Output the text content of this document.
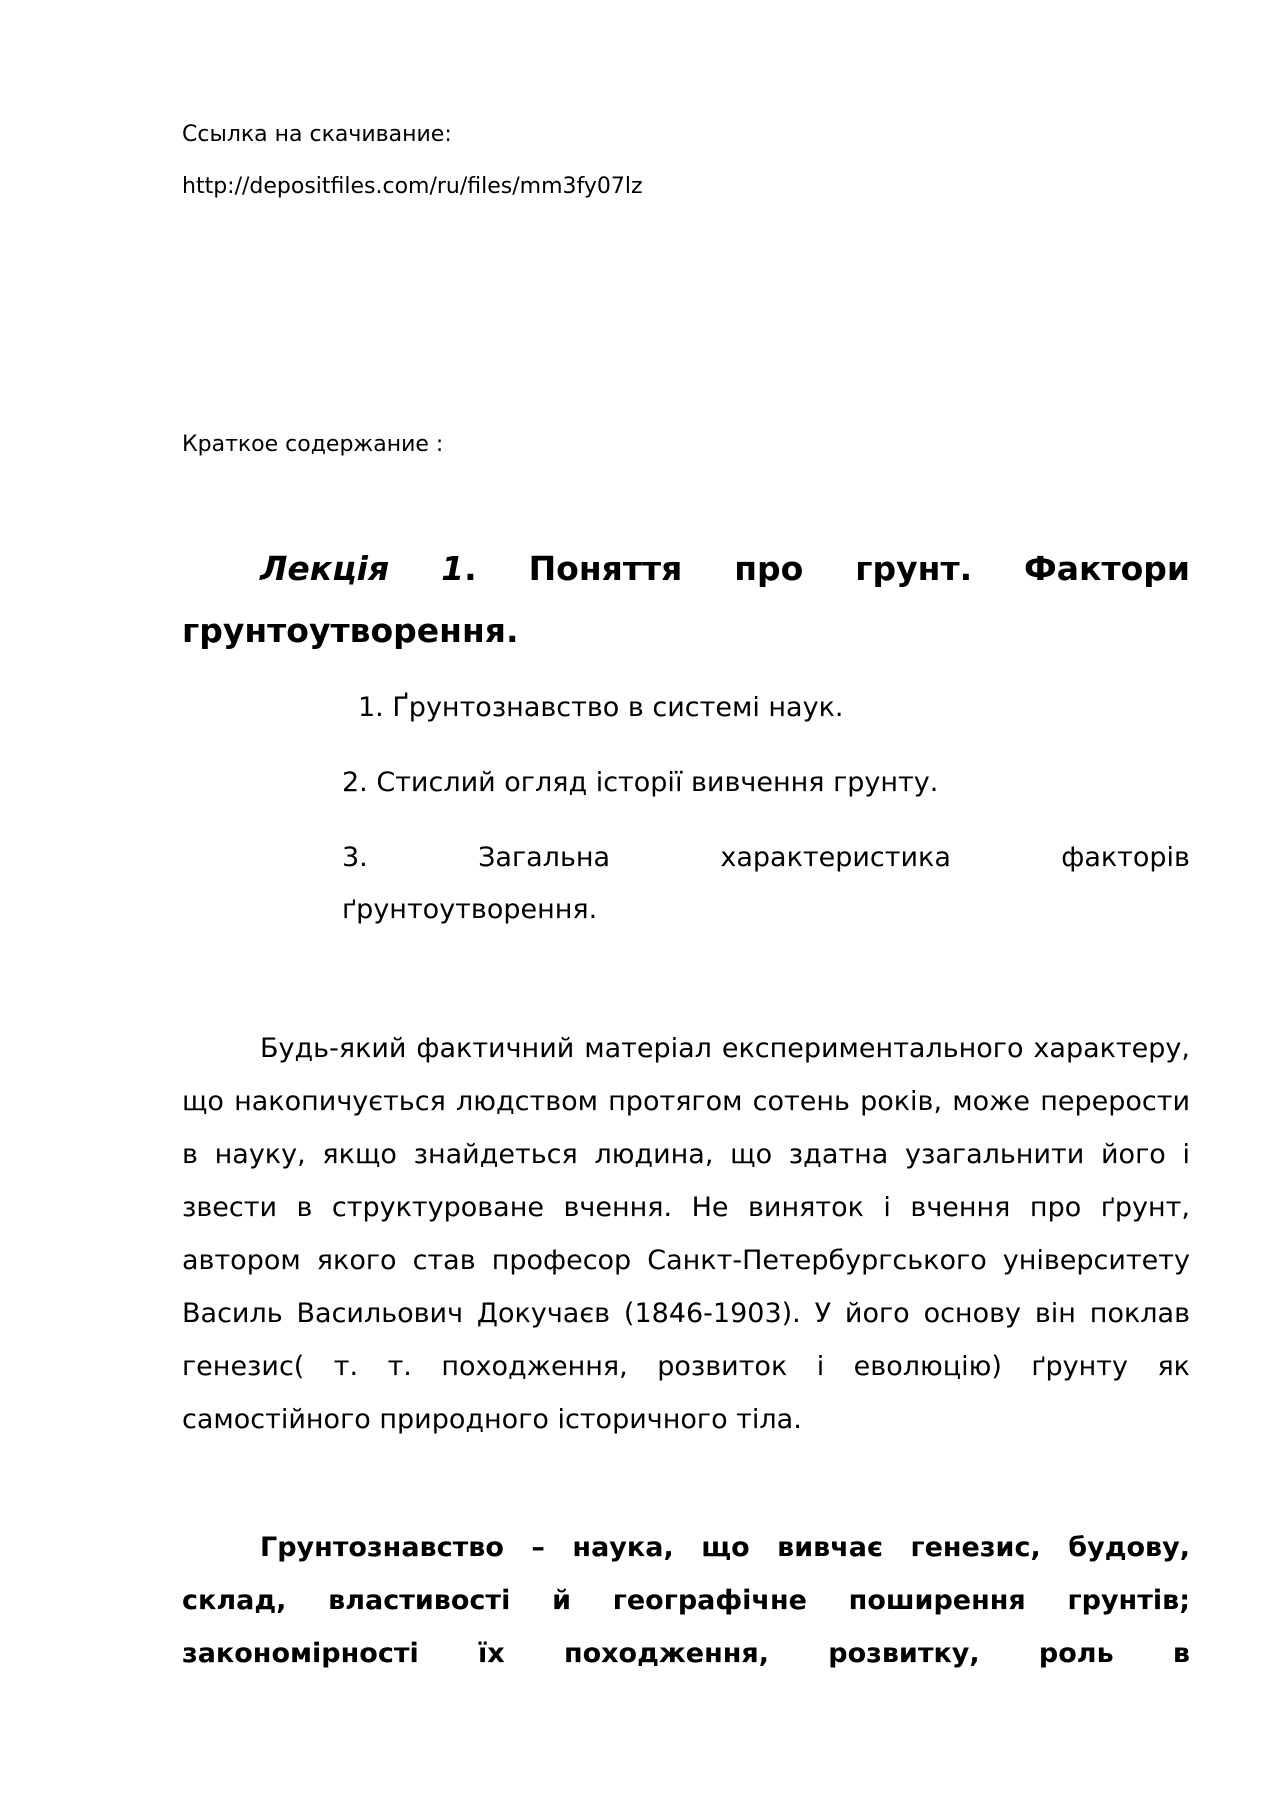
Ссылка на скачивание:
http://depositfiles.com/ru/files/mm3fy07lz
Краткое содержание :
Лекція 1. Поняття про грунт. Фактори грунтоутворення.
1. Ґрунтознавство в системі наук.
2. Стислий огляд історії вивчення грунту.
3.	Загальна	характеристика	факторів
ґрунтоутворення.
Будь-який фактичний матеріал експериментального характеру, що накопичується людством протягом сотень років, може перерости в науку, якщо знайдеться людина, що здатна узагальнити його і звести в структуроване вчення. Не виняток і вчення про ґрунт, автором якого став професор Санкт-Петербургського університету Василь Васильович Докучаєв (1846-1903). У його основу він поклав генезис( т. т. походження, розвиток і еволюцію) ґрунту як самостійного природного історичного тіла.
Грунтознавство – наука, що вивчає генезис, будову, склад, властивості й географічне поширення грунтів; закономірності їх походження, розвитку, роль в
